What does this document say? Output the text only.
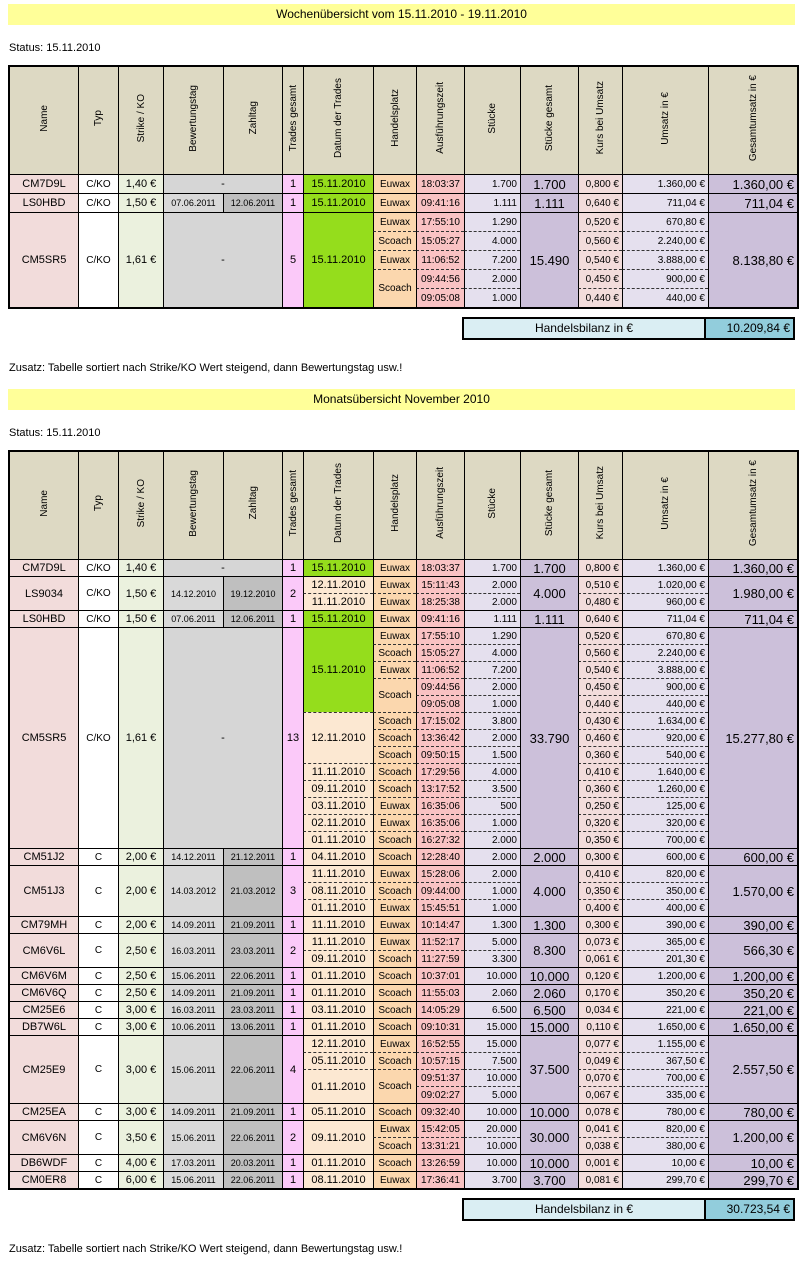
Wochenübersicht vom 15.11.2010 - 19.11.2010
Status: 15.11.2010
Name	Typ	Strike / KO	Bewertungstag	Zahltag	Trades gesamt	Datum der Trades	Handelsplatz	Ausführungszeit	Stücke	Stücke gesamt	Kurs bei Umsatz	Umsatz in €	Gesamtumsatz in €
CM7D9L	C/KO	1,40 €	-		1	15.11.2010	Euwax	18:03:37	1.700	1.700	0,800 €	1.360,00 €	1.360,00 €
LS0HBD	C/KO	1,50 €	07.06.2011	12.06.2011	1	15.11.2010	Euwax	09:41:16	1.111	1.111	0,640 €	711,04 €	711,04 €
CM5SR5	C/KO	1,61 €	-		5	15.11.2010	Euwax	17:55:10	1.290	15.490	0,520 €	670,80 €	8.138,80 €
							Scoach	15:05:27	4.000		0,560 €	2.240,00 €	
							Euwax	11:06:52	7.200		0,540 €	3.888,00 €	
							Scoach	09:44:56	2.000		0,450 €	900,00 €	
								09:05:08	1.000		0,440 €	440,00 €	
Handelsbilanz in €	10.209,84 €
Zusatz: Tabelle sortiert nach Strike/KO Wert steigend, dann Bewertungstag usw.!
Monatsübersicht November 2010
Status: 15.11.2010
Name	Typ	Strike / KO	Bewertungstag	Zahltag	Trades gesamt	Datum der Trades	Handelsplatz	Ausführungszeit	Stücke	Stücke gesamt	Kurs bei Umsatz	Umsatz in €	Gesamtumsatz in €
CM7D9L	C/KO	1,40 €	-		1	15.11.2010	Euwax	18:03:37	1.700	1.700	0,800 €	1.360,00 €	1.360,00 €
LS9034	C/KO	1,50 €	14.12.2010	19.12.2010	2	12.11.2010	Euwax	15:11:43	2.000	4.000	0,510 €	1.020,00 €	1.980,00 €
						11.11.2010	Euwax	18:25:38	2.000		0,480 €	960,00 €	
LS0HBD	C/KO	1,50 €	07.06.2011	12.06.2011	1	15.11.2010	Euwax	09:41:16	1.111	1.111	0,640 €	711,04 €	711,04 €
CM5SR5	C/KO	1,61 €	-		13	15.11.2010	Euwax	17:55:10	1.290	33.790	0,520 €	670,80 €	15.277,80 €
							Scoach	15:05:27	4.000		0,560 €	2.240,00 €	
							Euwax	11:06:52	7.200		0,540 €	3.888,00 €	
							Scoach	09:44:56	2.000		0,450 €	900,00 €	
								09:05:08	1.000		0,440 €	440,00 €	
						12.11.2010	Scoach	17:15:02	3.800		0,430 €	1.634,00 €	
							Scoach	13:36:42	2.000		0,460 €	920,00 €	
							Scoach	09:50:15	1.500		0,360 €	540,00 €	
						11.11.2010	Scoach	17:29:56	4.000		0,410 €	1.640,00 €	
						09.11.2010	Scoach	13:17:52	3.500		0,360 €	1.260,00 €	
						03.11.2010	Euwax	16:35:06	500		0,250 €	125,00 €	
						02.11.2010	Euwax	16:35:06	1.000		0,320 €	320,00 €	
						01.11.2010	Scoach	16:27:32	2.000		0,350 €	700,00 €	
CM51J2	C	2,00 €	14.12.2011	21.12.2011	1	04.11.2010	Scoach	12:28:40	2.000	2.000	0,300 €	600,00 €	600,00 €
CM51J3	C	2,00 €	14.03.2012	21.03.2012	3	11.11.2010	Euwax	15:28:06	2.000	4.000	0,410 €	820,00 €	1.570,00 €
						08.11.2010	Scoach	09:44:00	1.000		0,350 €	350,00 €	
						01.11.2010	Euwax	15:45:51	1.000		0,400 €	400,00 €	
CM79MH	C	2,00 €	14.09.2011	21.09.2011	1	11.11.2010	Euwax	10:14:47	1.300	1.300	0,300 €	390,00 €	390,00 €
CM6V6L	C	2,50 €	16.03.2011	23.03.2011	2	11.11.2010	Euwax	11:52:17	5.000	8.300	0,073 €	365,00 €	566,30 €
						09.11.2010	Scoach	11:27:59	3.300		0,061 €	201,30 €	
CM6V6M	C	2,50 €	15.06.2011	22.06.2011	1	01.11.2010	Scoach	10:37:01	10.000	10.000	0,120 €	1.200,00 €	1.200,00 €
CM6V6Q	C	2,50 €	14.09.2011	21.09.2011	1	01.11.2010	Scoach	11:55:03	2.060	2.060	0,170 €	350,20 €	350,20 €
CM25E6	C	3,00 €	16.03.2011	23.03.2011	1	03.11.2010	Scoach	14:05:29	6.500	6.500	0,034 €	221,00 €	221,00 €
DB7W6L	C	3,00 €	10.06.2011	13.06.2011	1	01.11.2010	Scoach	09:10:31	15.000	15.000	0,110 €	1.650,00 €	1.650,00 €
CM25E9	C	3,00 €	15.06.2011	22.06.2011	4	12.11.2010	Euwax	16:52:55	15.000	37.500	0,077 €	1.155,00 €	2.557,50 €
						05.11.2010	Scoach	10:57:15	7.500		0,049 €	367,50 €	
						01.11.2010	Scoach	09:51:37	10.000		0,070 €	700,00 €	
								09:02:27	5.000		0,067 €	335,00 €	
CM25EA	C	3,00 €	14.09.2011	21.09.2011	1	05.11.2010	Scoach	09:32:40	10.000	10.000	0,078 €	780,00 €	780,00 €
CM6V6N	C	3,50 €	15.06.2011	22.06.2011	2	09.11.2010	Euwax	15:42:05	20.000	30.000	0,041 €	820,00 €	1.200,00 €
							Scoach	13:31:21	10.000		0,038 €	380,00 €	
DB6WDF	C	4,00 €	17.03.2011	20.03.2011	1	01.11.2010	Scoach	13:26:59	10.000	10.000	0,001 €	10,00 €	10,00 €
CM0ER8	C	6,00 €	15.06.2011	22.06.2011	1	08.11.2010	Euwax	17:36:41	3.700	3.700	0,081 €	299,70 €	299,70 €
Handelsbilanz in €	30.723,54 €
Zusatz: Tabelle sortiert nach Strike/KO Wert steigend, dann Bewertungstag usw.!
